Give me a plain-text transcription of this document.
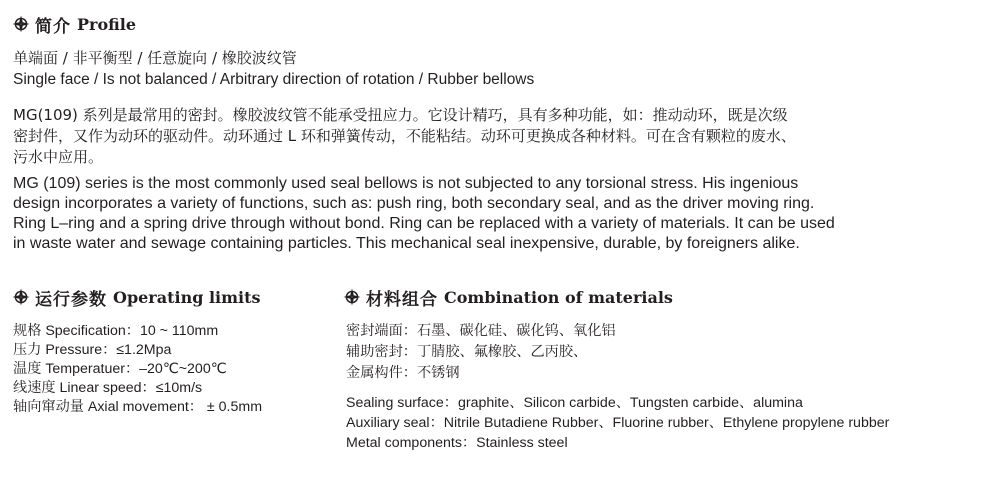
简介 Profile
单端面 / 非平衡型 / 任意旋向 / 橡胶波纹管
Single face / Is not balanced / Arbitrary direction of rotation / Rubber bellows
MG(109) 系列是最常用的密封。橡胶波纹管不能承受扭应力。它设计精巧，具有多种功能，如：推动动环，既是次级
密封件，又作为动环的驱动件。动环通过 L 环和弹簧传动，不能粘结。动环可更换成各种材料。可在含有颗粒的废水、
污水中应用。
MG (109) series is the most commonly used seal bellows is not subjected to any torsional stress. His ingenious
design incorporates a variety of functions, such as: push ring, both secondary seal, and as the driver moving ring.
Ring L–ring and a spring drive through without bond. Ring can be replaced with a variety of materials. It can be used
in waste water and sewage containing particles. This mechanical seal inexpensive, durable, by foreigners alike.
运行参数 Operating limits
规格 Specification：10 ~ 110mm
压力 Pressure：≤1.2Mpa
温度 Temperatuer：–20℃~200℃
线速度 Linear speed：≤10m/s
轴向窜动量 Axial movement： ± 0.5mm
材料组合 Combination of materials
密封端面：石墨、碳化硅、碳化钨、氧化铝
辅助密封：丁腈胶、氟橡胶、乙丙胶、
金属构件：不锈钢
Sealing surface：graphite、Silicon carbide、Tungsten carbide、alumina
Auxiliary seal：Nitrile Butadiene Rubber、Fluorine rubber、Ethylene propylene rubber
Metal components：Stainless steel
